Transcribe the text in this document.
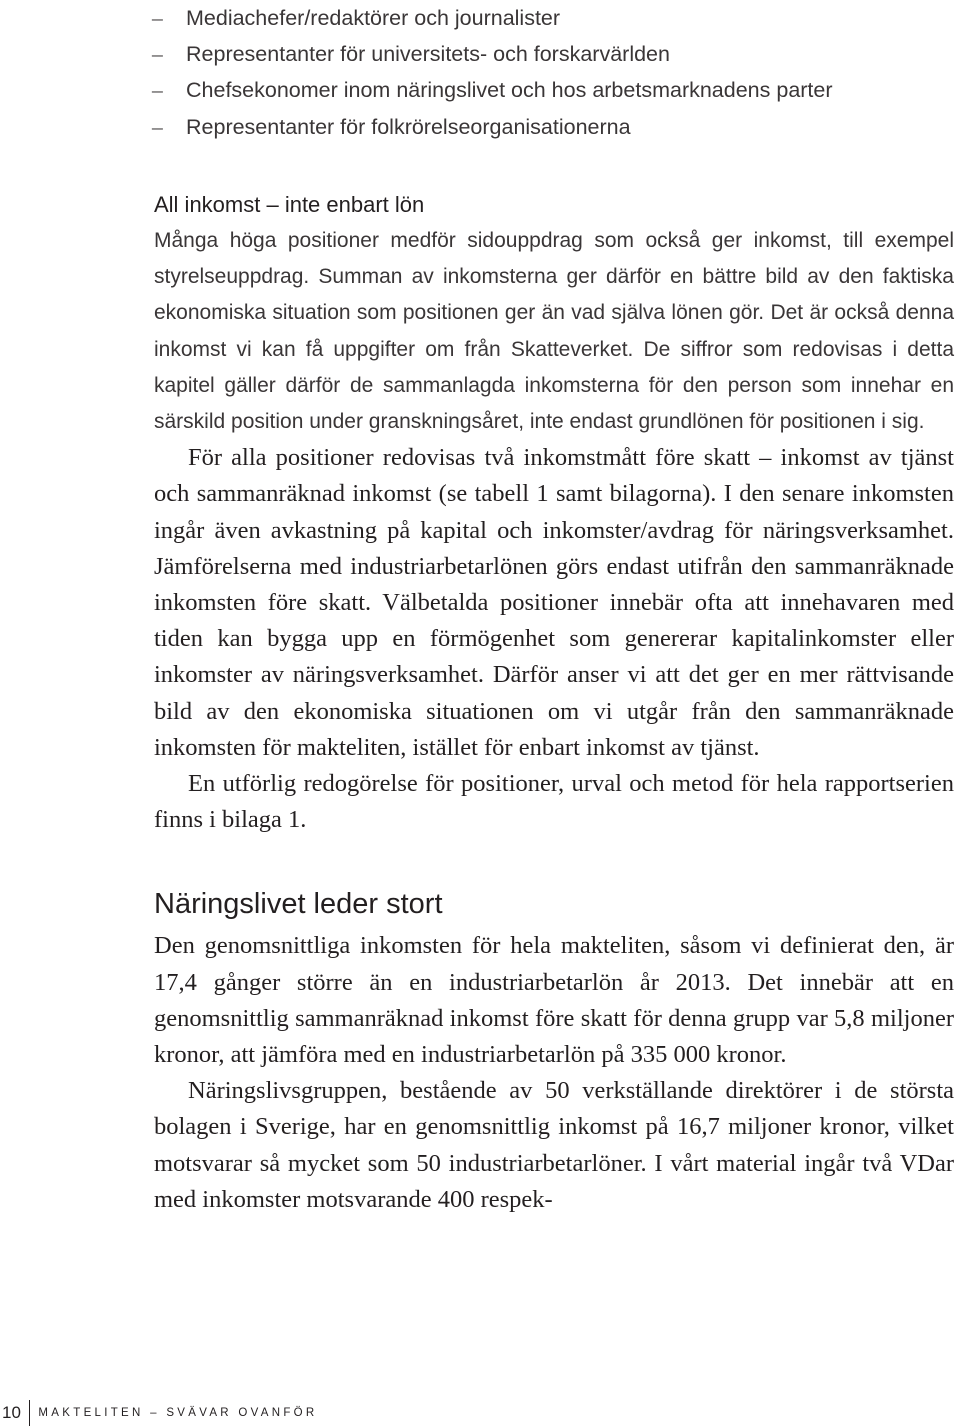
– Mediachefer/redaktörer och journalister
– Representanter för universitets- och forskarvärlden
– Chefsekonomer inom näringslivet och hos arbetsmarknadens parter
– Representanter för folkrörelseorganisationerna
All inkomst – inte enbart lön

Många höga positioner medför sidouppdrag som också ger inkomst, till exempel styrelseuppdrag. Summan av inkomsterna ger därför en bättre bild av den faktiska ekonomiska situation som positionen ger än vad själva lönen gör. Det är också denna inkomst vi kan få uppgifter om från Skatteverket. De siffror som redovisas i detta kapitel gäller därför de sammanlagda inkomsterna för den person som innehar en särskild position under granskningsåret, inte endast grundlönen för positionen i sig.

För alla positioner redovisas två inkomstmått före skatt – inkomst av tjänst och sammanräknad inkomst (se tabell 1 samt bilagorna). I den senare inkomsten ingår även avkastning på kapital och inkomster/avdrag för näringsverksamhet. Jämförelserna med industriarbetarlönen görs endast utifrån den sammanräknade inkomsten före skatt. Välbetalda positioner innebär ofta att innehavaren med tiden kan bygga upp en förmögenhet som genererar kapitalinkomster eller inkomster av näringsverksamhet. Därför anser vi att det ger en mer rättvisande bild av den ekonomiska situationen om vi utgår från den sammanräknade inkomsten för makteliten, istället för enbart inkomst av tjänst.

En utförlig redogörelse för positioner, urval och metod för hela rapportserien finns i bilaga 1.

Näringslivet leder stort

Den genomsnittliga inkomsten för hela makteliten, såsom vi definierat den, är 17,4 gånger större än en industriarbetarlön år 2013. Det innebär att en genomsnittlig sammanräknad inkomst före skatt för denna grupp var 5,8 miljoner kronor, att jämföra med en industriarbetarlön på 335 000 kronor.

Näringslivsgruppen, bestående av 50 verkställande direktörer i de största bolagen i Sverige, har en genomsnittlig inkomst på 16,7 miljoner kronor, vilket motsvarar så mycket som 50 industriarbetarlöner. I vårt material ingår två VDar med inkomster motsvarande 400 respek-

10 MAKTELITEN – SVÄVAR OVANFÖR
